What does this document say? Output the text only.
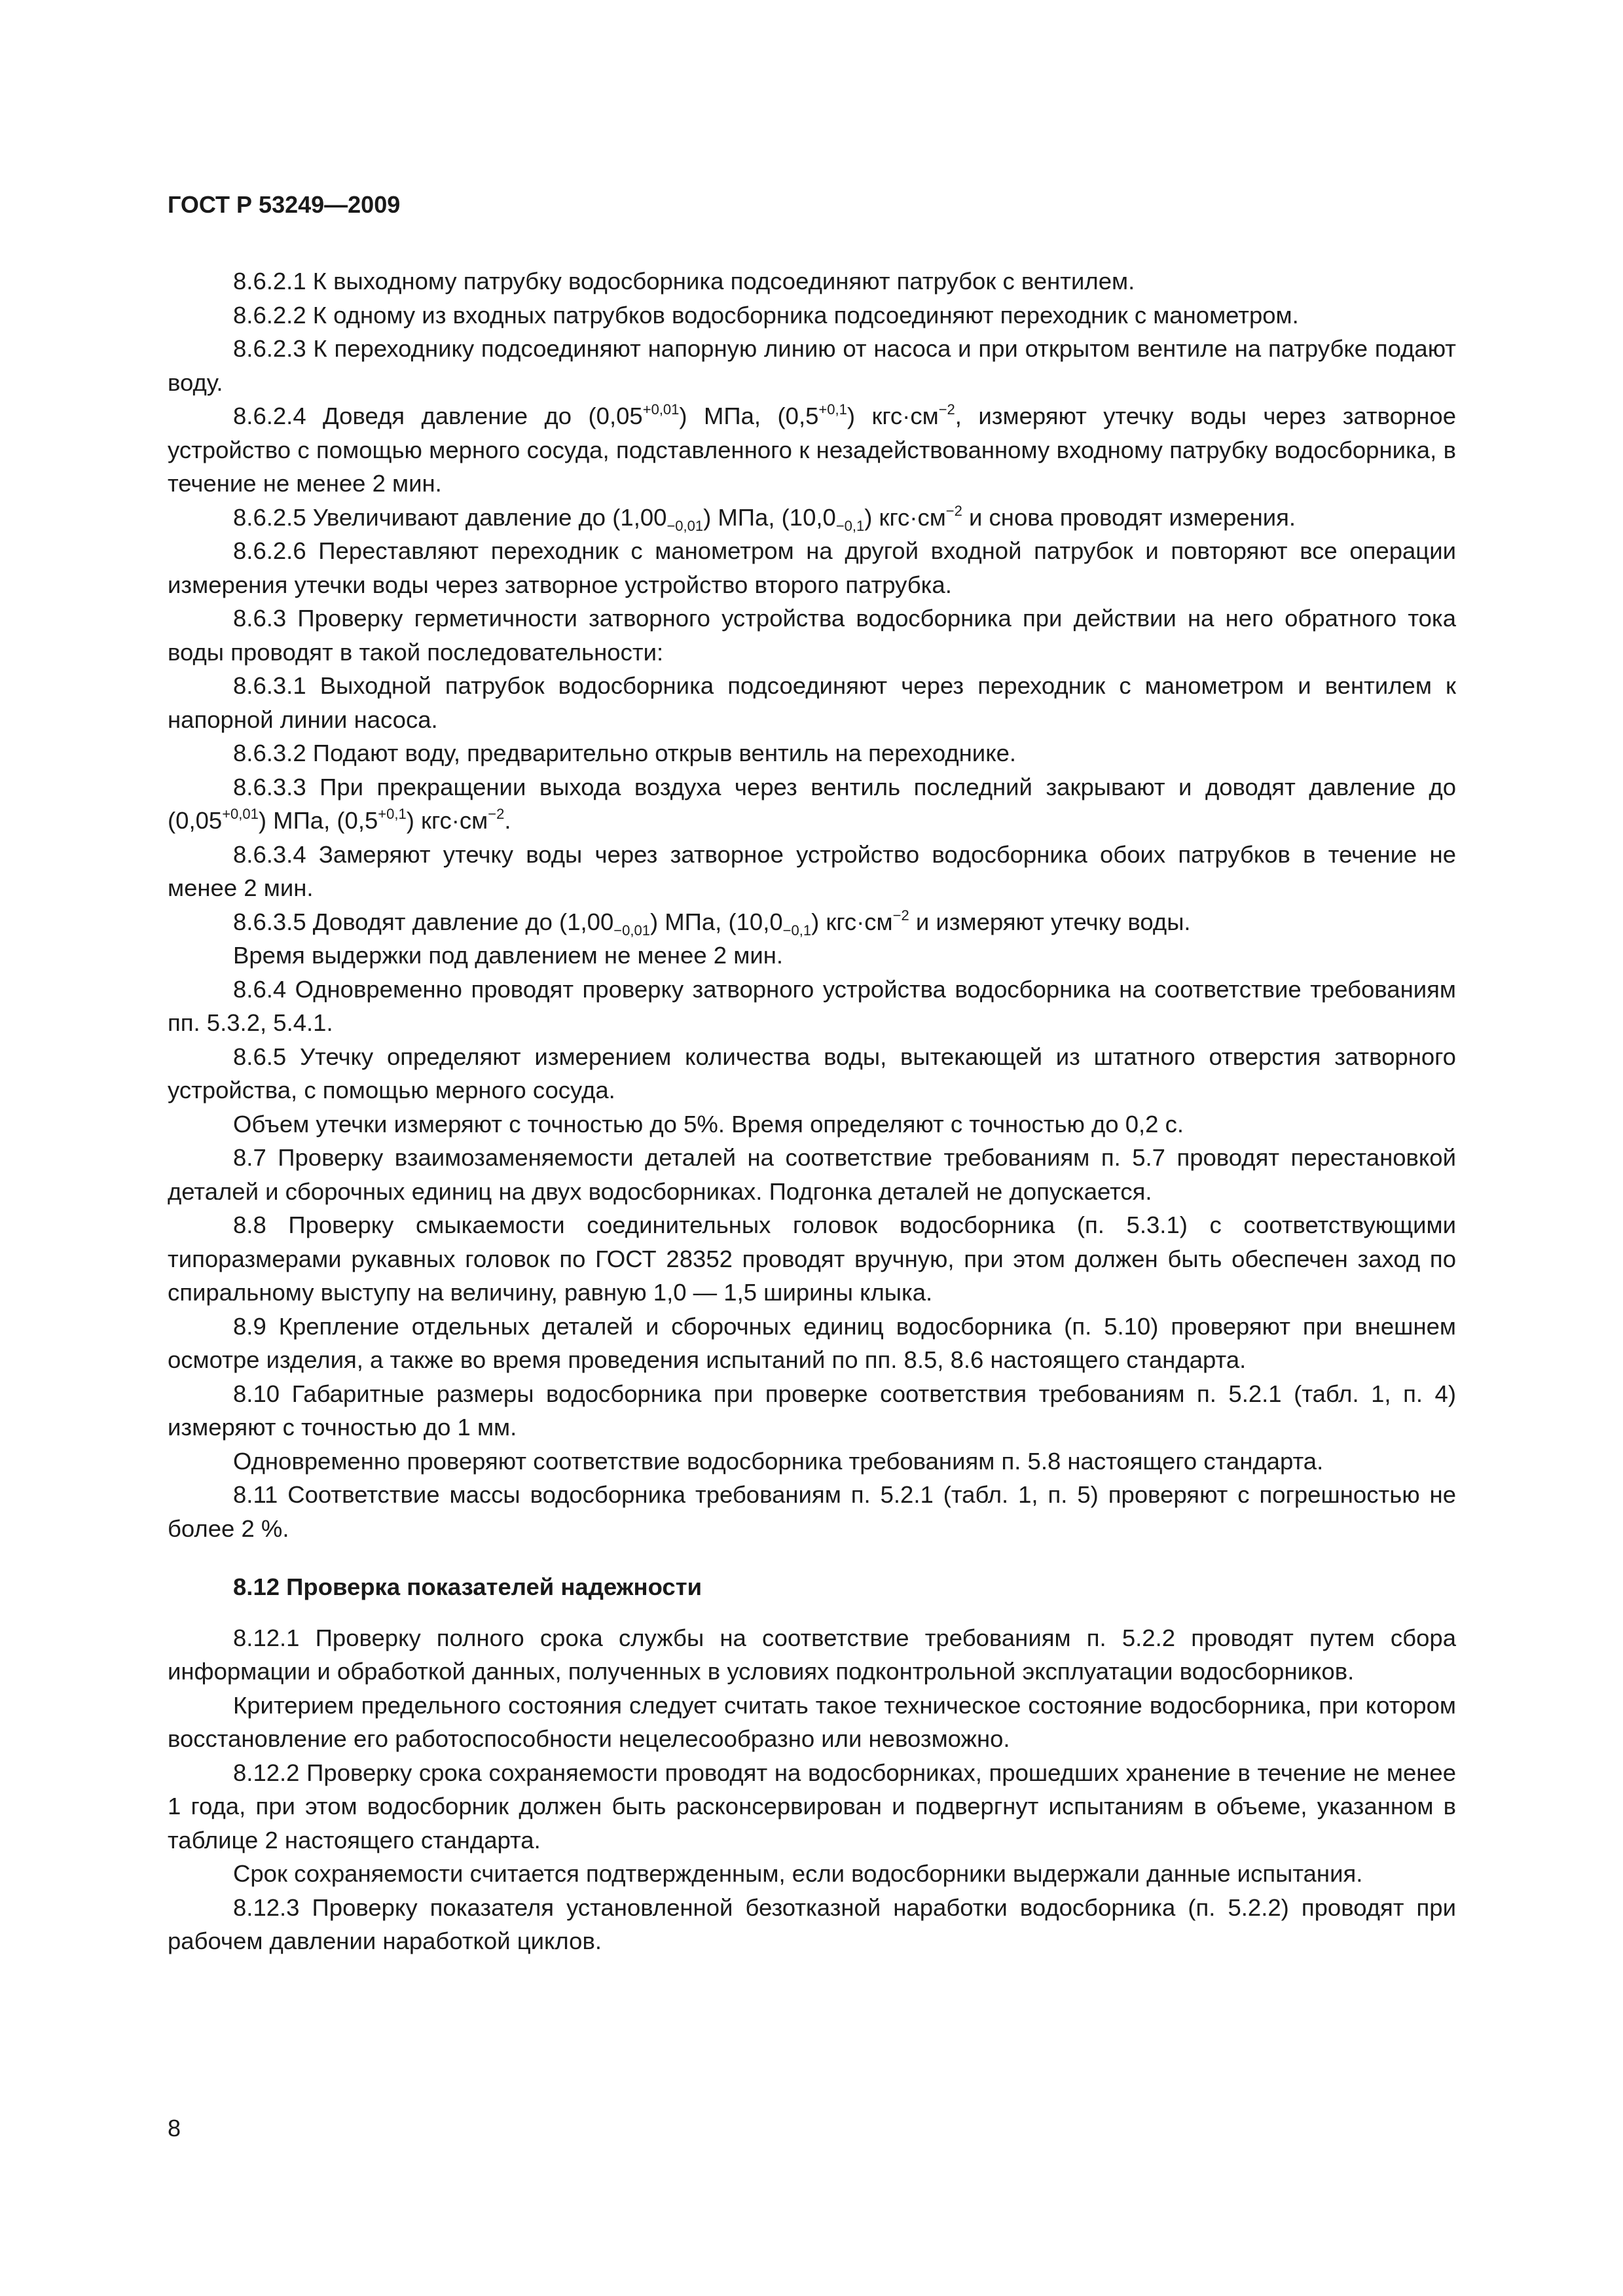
ГОСТ Р 53249—2009

8.6.2.1 К выходному патрубку водосборника подсоединяют патрубок с вентилем.

8.6.2.2 К одному из входных патрубков водосборника подсоединяют переходник с манометром.

8.6.2.3 К переходнику подсоединяют напорную линию от насоса и при открытом вентиле на патрубке подают воду.

8.6.2.4 Доведя давление до $(0,05^{+0,01})$ МПа, $(0,5^{+0,1})$ $кгс\cdot см^{-2}$, измеряют утечку воды через затворное устройство с помощью мерного сосуда, подставленного к незадействованному входному патрубку водосборника, в течение не менее 2 мин.

8.6.2.5 Увеличивают давление до $(1,00_{-0,01})$ МПа, $(10,0_{-0,1})$ $кгс\cdot см^{-2}$ и снова проводят измерения.

8.6.2.6 Переставляют переходник с манометром на другой входной патрубок и повторяют все операции измерения утечки воды через затворное устройство второго патрубка.

8.6.3 Проверку герметичности затворного устройства водосборника при действии на него обратного тока воды проводят в такой последовательности:

8.6.3.1 Выходной патрубок водосборника подсоединяют через переходник с манометром и вентилем к напорной линии насоса.

8.6.3.2 Подают воду, предварительно открыв вентиль на переходнике.

8.6.3.3 При прекращении выхода воздуха через вентиль последний закрывают и доводят давление до $(0,05^{+0,01})$ МПа, $(0,5^{+0,1})$ $кгс\cdot см^{-2}$.

8.6.3.4 Замеряют утечку воды через затворное устройство водосборника обоих патрубков в течение не менее 2 мин.

8.6.3.5 Доводят давление до $(1,00_{-0,01})$ МПа, $(10,0_{-0,1})$ $кгс\cdot см^{-2}$ и измеряют утечку воды.

Время выдержки под давлением не менее 2 мин.

8.6.4 Одновременно проводят проверку затворного устройства водосборника на соответствие требованиям пп. 5.3.2, 5.4.1.

8.6.5 Утечку определяют измерением количества воды, вытекающей из штатного отверстия затворного устройства, с помощью мерного сосуда.

Объем утечки измеряют с точностью до 5%. Время определяют с точностью до 0,2 с.

8.7 Проверку взаимозаменяемости деталей на соответствие требованиям п. 5.7 проводят перестановкой деталей и сборочных единиц на двух водосборниках. Подгонка деталей не допускается.

8.8 Проверку смыкаемости соединительных головок водосборника (п. 5.3.1) с соответствующими типоразмерами рукавных головок по ГОСТ 28352 проводят вручную, при этом должен быть обеспечен заход по спиральному выступу на величину, равную 1,0 — 1,5 ширины клыка.

8.9 Крепление отдельных деталей и сборочных единиц водосборника (п. 5.10) проверяют при внешнем осмотре изделия, а также во время проведения испытаний по пп. 8.5, 8.6 настоящего стандарта.

8.10 Габаритные размеры водосборника при проверке соответствия требованиям п. 5.2.1 (табл. 1, п. 4) измеряют с точностью до 1 мм.

Одновременно проверяют соответствие водосборника требованиям п. 5.8 настоящего стандарта.

8.11 Соответствие массы водосборника требованиям п. 5.2.1 (табл. 1, п. 5) проверяют с погрешностью не более 2 %.

8.12 Проверка показателей надежности

8.12.1 Проверку полного срока службы на соответствие требованиям п. 5.2.2 проводят путем сбора информации и обработкой данных, полученных в условиях подконтрольной эксплуатации водосборников.

Критерием предельного состояния следует считать такое техническое состояние водосборника, при котором восстановление его работоспособности нецелесообразно или невозможно.

8.12.2 Проверку срока сохраняемости проводят на водосборниках, прошедших хранение в течение не менее 1 года, при этом водосборник должен быть расконсервирован и подвергнут испытаниям в объеме, указанном в таблице 2 настоящего стандарта.

Срок сохраняемости считается подтвержденным, если водосборники выдержали данные испытания.

8.12.3 Проверку показателя установленной безотказной наработки водосборника (п. 5.2.2) проводят при рабочем давлении наработкой циклов.

8
